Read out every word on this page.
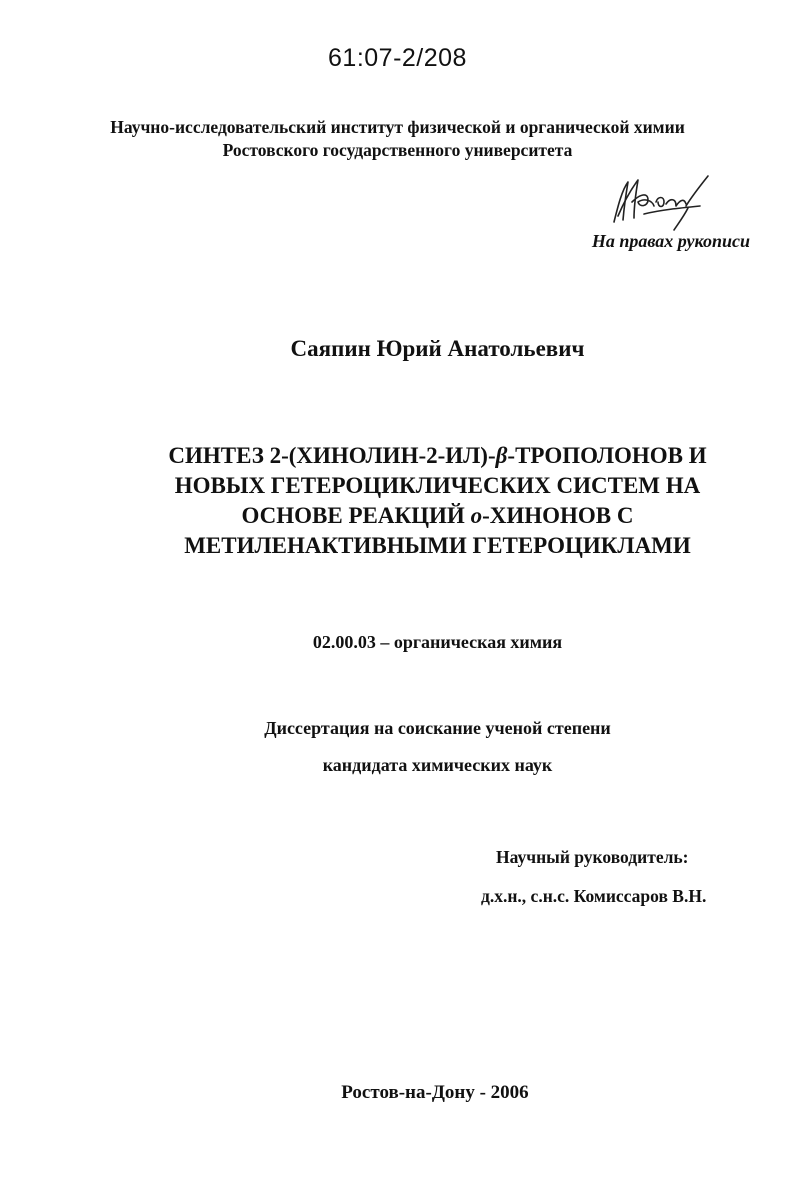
61:07-2/208
Научно-исследовательский институт физической и органической химии
Ростовского государственного университета
На правах рукописи
Саяпин Юрий Анатольевич
СИНТЕЗ 2-(ХИНОЛИН-2-ИЛ)-β-ТРОПОЛОНОВ И
НОВЫХ ГЕТЕРОЦИКЛИЧЕСКИХ СИСТЕМ НА
ОСНОВЕ РЕАКЦИЙ о-ХИНОНОВ С
МЕТИЛЕНАКТИВНЫМИ ГЕТЕРОЦИКЛАМИ
02.00.03 – органическая химия
Диссертация на соискание ученой степени
кандидата химических наук
Научный руководитель:
д.х.н., с.н.с. Комиссаров В.Н.
Ростов-на-Дону - 2006
